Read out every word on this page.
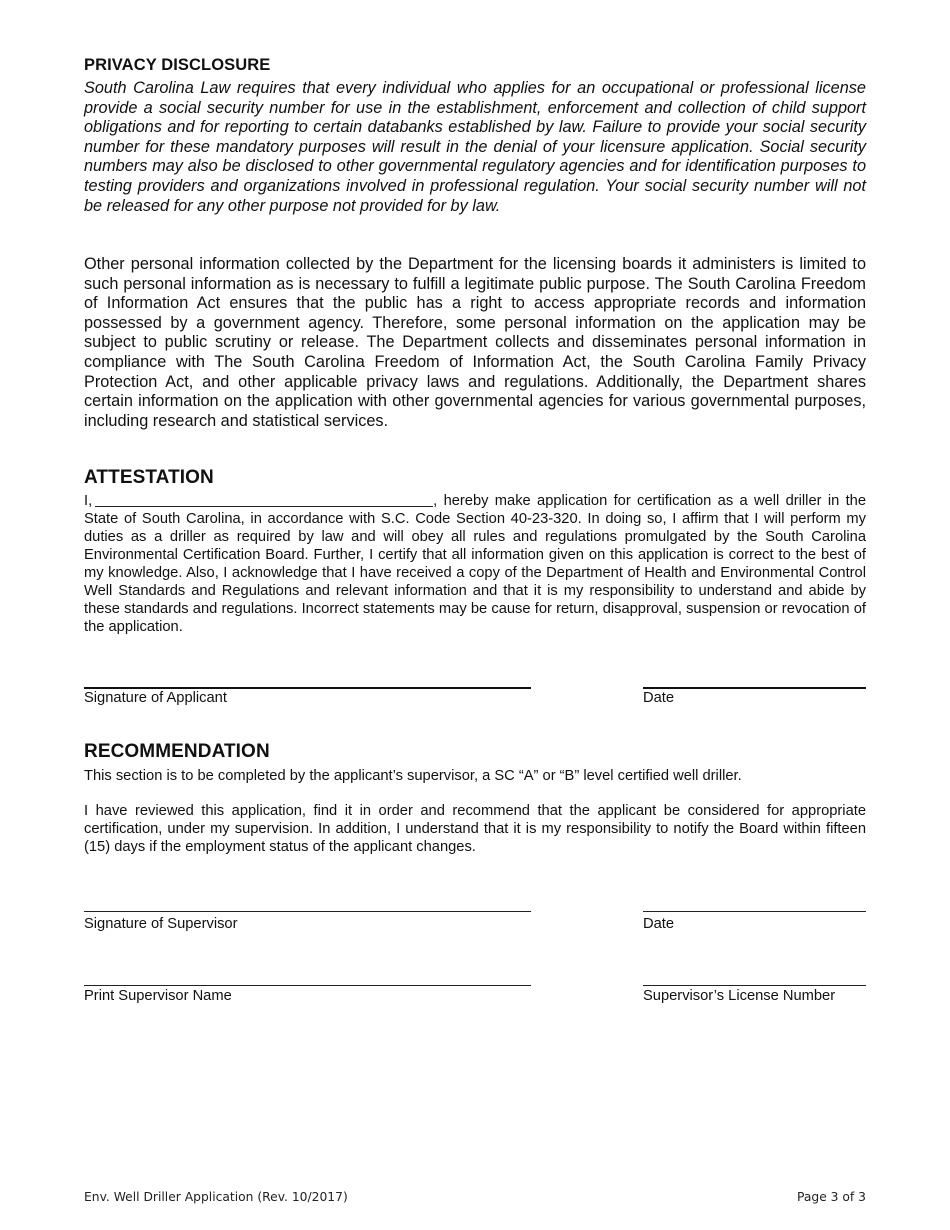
PRIVACY DISCLOSURE

South Carolina Law requires that every individual who applies for an occupational or professional license provide a social security number for use in the establishment, enforcement and collection of child support obligations and for reporting to certain databanks established by law. Failure to provide your social security number for these mandatory purposes will result in the denial of your licensure application. Social security numbers may also be disclosed to other governmental regulatory agencies and for identification purposes to testing providers and organizations involved in professional regulation. Your social security number will not be released for any other purpose not provided for by law.

Other personal information collected by the Department for the licensing boards it administers is limited to such personal information as is necessary to fulfill a legitimate public purpose. The South Carolina Freedom of Information Act ensures that the public has a right to access appropriate records and information possessed by a government agency. Therefore, some personal information on the application may be subject to public scrutiny or release. The Department collects and disseminates personal information in compliance with The South Carolina Freedom of Information Act, the South Carolina Family Privacy Protection Act, and other applicable privacy laws and regulations. Additionally, the Department shares certain information on the application with other governmental agencies for various governmental purposes, including research and statistical services.

ATTESTATION

I,	, hereby make application for certification as a well driller in the State of South Carolina, in accordance with S.C. Code Section 40-23-320. In doing so, I affirm that I will perform my duties as a driller as required by law and will obey all rules and regulations promulgated by the South Carolina Environmental Certification Board. Further, I certify that all information given on this application is correct to the best of my knowledge. Also, I acknowledge that I have received a copy of the Department of Health and Environmental Control Well Standards and Regulations and relevant information and that it is my responsibility to understand and abide by these standards and regulations. Incorrect statements may be cause for return, disapproval, suspension or revocation of the application.

Signature of Applicant	Date
RECOMMENDATION

This section is to be completed by the applicant’s supervisor, a SC “A” or “B” level certified well driller.

I have reviewed this application, find it in order and recommend that the applicant be considered for appropriate certification, under my supervision. In addition, I understand that it is my responsibility to notify the Board within fifteen (15) days if the employment status of the applicant changes.

Signature of Supervisor	Date
Print Supervisor Name	Supervisor’s License Number
Env. Well Driller Application (Rev. 10/2017)	Page 3 of 3
